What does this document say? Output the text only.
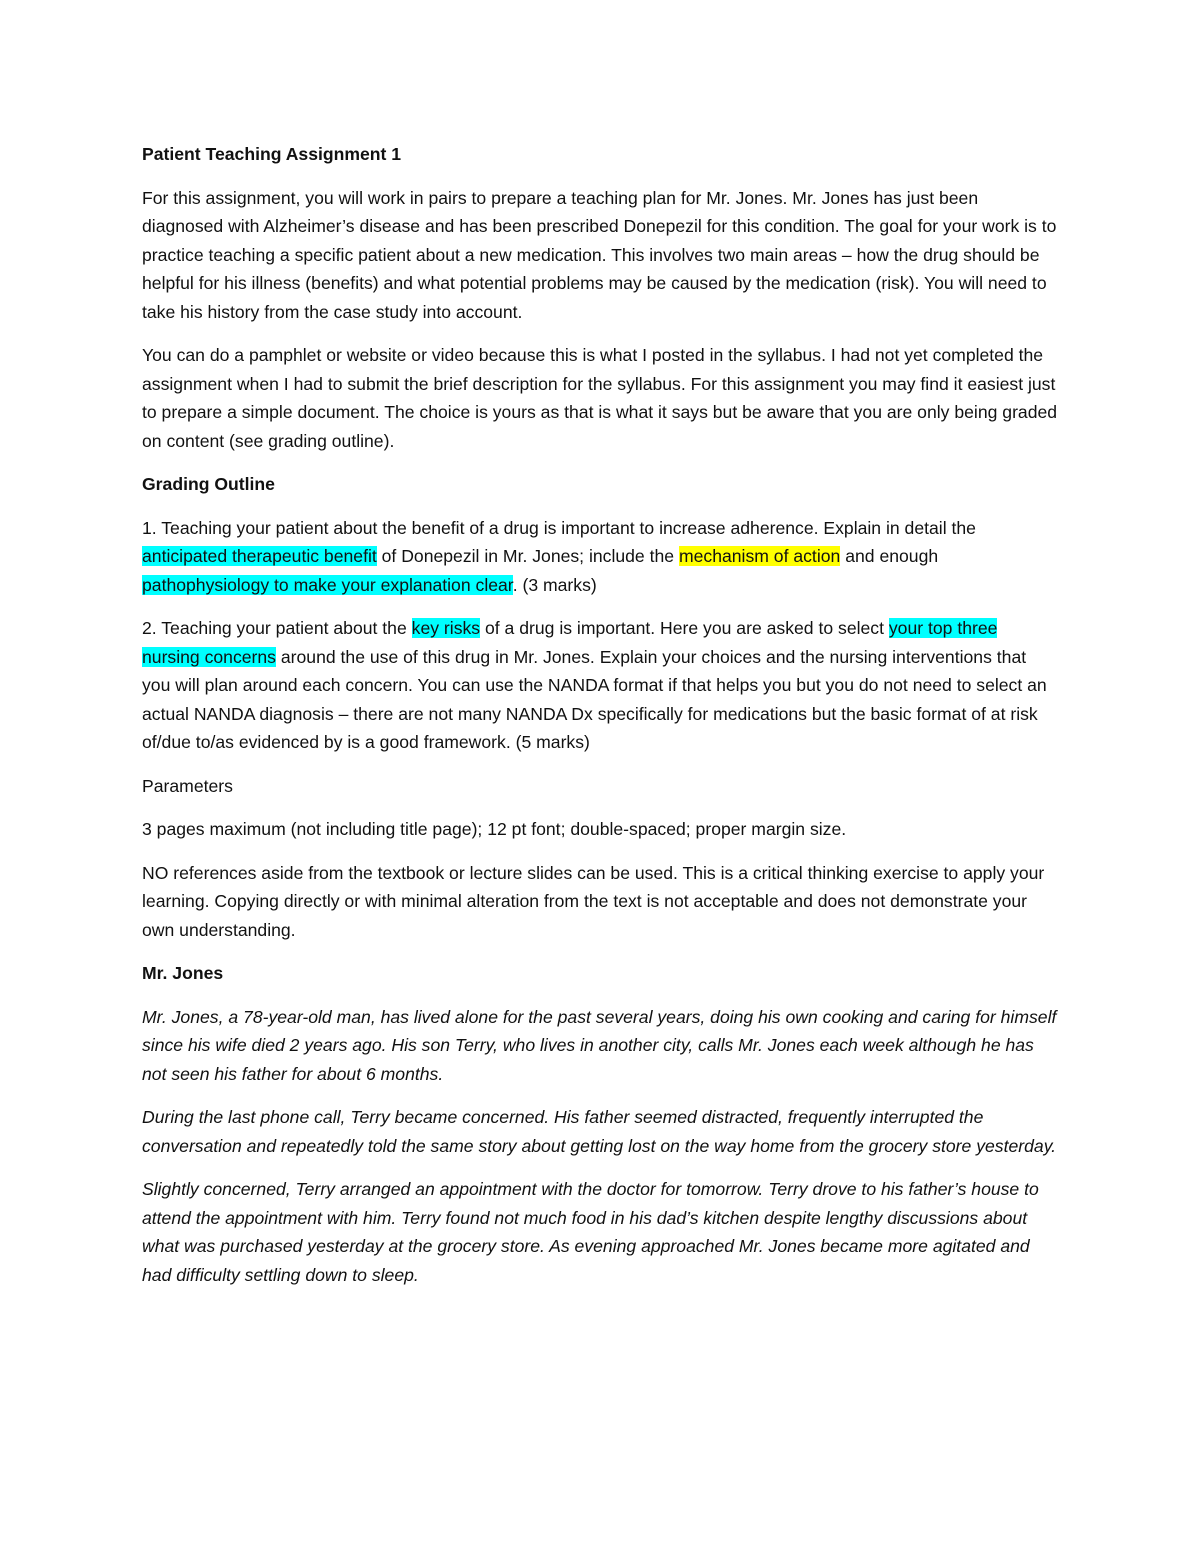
Patient Teaching Assignment 1

For this assignment, you will work in pairs to prepare a teaching plan for Mr. Jones. Mr. Jones has just been diagnosed with Alzheimer’s disease and has been prescribed Donepezil for this condition. The goal for your work is to practice teaching a specific patient about a new medication. This involves two main areas – how the drug should be helpful for his illness (benefits) and what potential problems may be caused by the medication (risk). You will need to take his history from the case study into account.

You can do a pamphlet or website or video because this is what I posted in the syllabus. I had not yet completed the assignment when I had to submit the brief description for the syllabus. For this assignment you may find it easiest just to prepare a simple document. The choice is yours as that is what it says but be aware that you are only being graded on content (see grading outline).

Grading Outline

1. Teaching your patient about the benefit of a drug is important to increase adherence. Explain in detail the anticipated therapeutic benefit of Donepezil in Mr. Jones; include the mechanism of action and enough pathophysiology to make your explanation clear. (3 marks)

2. Teaching your patient about the key risks of a drug is important. Here you are asked to select your top three nursing concerns around the use of this drug in Mr. Jones. Explain your choices and the nursing interventions that you will plan around each concern. You can use the NANDA format if that helps you but you do not need to select an actual NANDA diagnosis – there are not many NANDA Dx specifically for medications but the basic format of at risk of/due to/as evidenced by is a good framework. (5 marks)

Parameters

3 pages maximum (not including title page); 12 pt font; double-spaced; proper margin size.

NO references aside from the textbook or lecture slides can be used. This is a critical thinking exercise to apply your learning. Copying directly or with minimal alteration from the text is not acceptable and does not demonstrate your own understanding.

Mr. Jones

Mr. Jones, a 78-year-old man, has lived alone for the past several years, doing his own cooking and caring for himself since his wife died 2 years ago. His son Terry, who lives in another city, calls Mr. Jones each week although he has not seen his father for about 6 months.

During the last phone call, Terry became concerned. His father seemed distracted, frequently interrupted the conversation and repeatedly told the same story about getting lost on the way home from the grocery store yesterday.

Slightly concerned, Terry arranged an appointment with the doctor for tomorrow. Terry drove to his father’s house to attend the appointment with him. Terry found not much food in his dad’s kitchen despite lengthy discussions about what was purchased yesterday at the grocery store. As evening approached Mr. Jones became more agitated and had difficulty settling down to sleep.
